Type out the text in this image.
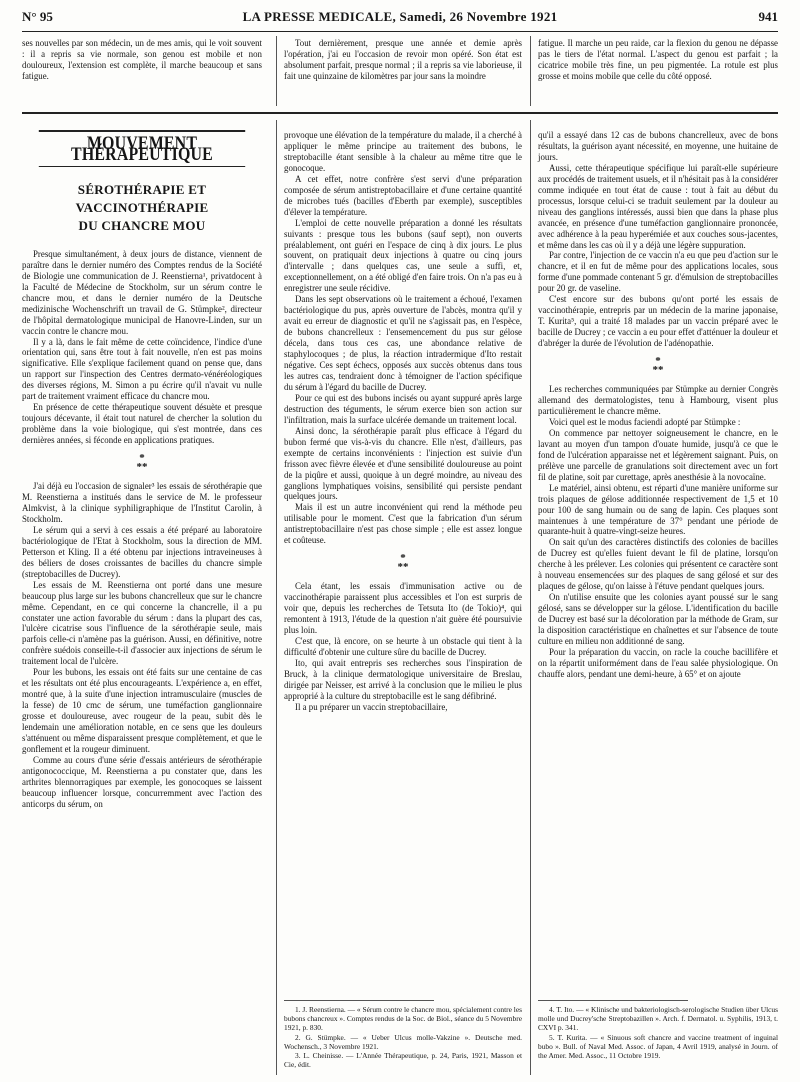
N° 95	LA PRESSE MEDICALE, Samedi, 26 Novembre 1921	941

ses nouvelles par son médecin, un de mes amis, qui le voit souvent : il a repris sa vie normale, son genou est mobile et non douloureux, l'extension est complète, il marche beaucoup et sans fatigue.

Tout dernièrement, presque une année et demie après l'opération, j'ai eu l'occasion de revoir mon opéré. Son état est absolument parfait, presque normal ; il a repris sa vie laborieuse, il fait une quinzaine de kilomètres par jour sans la moindre

fatigue. Il marche un peu raide, car la flexion du genou ne dépasse pas le tiers de l'état normal. L'aspect du genou est parfait ; la cicatrice mobile très fine, un peu pigmentée. La rotule est plus grosse et moins mobile que celle du côté opposé.

MOUVEMENT THÉRAPEUTIQUE
SÉROTHÉRAPIE ET VACCINOTHÉRAPIE
DU CHANCRE MOU

Presque simultanément, à deux jours de distance, viennent de paraître dans le dernier numéro des Comptes rendus de la Société de Biologie une communication de J. Reenstierna¹, privatdocent à la Faculté de Médecine de Stockholm, sur un sérum contre le chancre mou, et dans le dernier numéro de la Deutsche medizinische Wochenschrift un travail de G. Stümpke², directeur de l'hôpital dermatologique municipal de Hanovre-Linden, sur un vaccin contre le chancre mou.

Il y a là, dans le fait même de cette coïncidence, l'indice d'une orientation qui, sans être tout à fait nouvelle, n'en est pas moins significative. Elle s'explique facilement quand on pense que, dans un rapport sur l'inspection des Centres dermato-vénéréologiques des diverses régions, M. Simon a pu écrire qu'il n'avait vu nulle part de traitement vraiment efficace du chancre mou.

En présence de cette thérapeutique souvent désuète et presque toujours décevante, il était tout naturel de chercher la solution du problème dans la voie biologique, qui s'est montrée, dans ces dernières années, si féconde en applications pratiques.

*
**

J'ai déjà eu l'occasion de signaler³ les essais de sérothérapie que M. Reenstierna a institués dans le service de M. le professeur Almkvist, à la clinique syphiligraphique de l'Institut Carolin, à Stockholm.

Le sérum qui a servi à ces essais a été préparé au laboratoire bactériologique de l'Etat à Stockholm, sous la direction de MM. Petterson et Kling. Il a été obtenu par injections intraveineuses à des béliers de doses croissantes de bacilles du chancre simple (streptobacilles de Ducrey).

Les essais de M. Reenstierna ont porté dans une mesure beaucoup plus large sur les bubons chancrelleux que sur le chancre même. Cependant, en ce qui concerne la chancrelle, il a pu constater une action favorable du sérum : dans la plupart des cas, l'ulcère cicatrise sous l'influence de la sérothérapie seule, mais parfois celle-ci n'amène pas la guérison. Aussi, en définitive, notre confrère suédois conseille-t-il d'associer aux injections de sérum le traitement local de l'ulcère.

Pour les bubons, les essais ont été faits sur une centaine de cas et les résultats ont été plus encourageants. L'expérience a, en effet, montré que, à la suite d'une injection intramusculaire (muscles de la fesse) de 10 cmc de sérum, une tuméfaction ganglionnaire grosse et douloureuse, avec rougeur de la peau, subit dès le lendemain une amélioration notable, en ce sens que les douleurs s'atténuent ou même disparaissent presque complètement, et que le gonflement et la rougeur diminuent.

Comme au cours d'une série d'essais antérieurs de sérothérapie antigonococcique, M. Reenstierna a pu constater que, dans les arthrites blennorragiques par exemple, les gonocoques se laissent beaucoup influencer lorsque, concurremment avec l'action des anticorps du sérum, on

provoque une élévation de la température du malade, il a cherché à appliquer le même principe au traitement des bubons, le streptobacille étant sensible à la chaleur au même titre que le gonocoque.

A cet effet, notre confrère s'est servi d'une préparation composée de sérum antistreptobacillaire et d'une certaine quantité de microbes tués (bacilles d'Eberth par exemple), susceptibles d'élever la température.

L'emploi de cette nouvelle préparation a donné les résultats suivants : presque tous les bubons (sauf sept), non ouverts préalablement, ont guéri en l'espace de cinq à dix jours. Le plus souvent, on pratiquait deux injections à quatre ou cinq jours d'intervalle ; dans quelques cas, une seule a suffi, et, exceptionnellement, on a été obligé d'en faire trois. On n'a pas eu à enregistrer une seule récidive.

Dans les sept observations où le traitement a échoué, l'examen bactériologique du pus, après ouverture de l'abcès, montra qu'il y avait eu erreur de diagnostic et qu'il ne s'agissait pas, en l'espèce, de bubons chancrelleux : l'ensemencement du pus sur gélose décela, dans tous ces cas, une abondance relative de staphylocoques ; de plus, la réaction intradermique d'Ito restait négative. Ces sept échecs, opposés aux succès obtenus dans tous les autres cas, tendraient donc à témoigner de l'action spécifique du sérum à l'égard du bacille de Ducrey.

Pour ce qui est des bubons incisés ou ayant suppuré après large destruction des téguments, le sérum exerce bien son action sur l'infiltration, mais la surface ulcérée demande un traitement local.

Ainsi donc, la sérothérapie paraît plus efficace à l'égard du bubon fermé que vis-à-vis du chancre. Elle n'est, d'ailleurs, pas exempte de certains inconvénients : l'injection est suivie d'un frisson avec fièvre élevée et d'une sensibilité douloureuse au point de la piqûre et aussi, quoique à un degré moindre, au niveau des ganglions lymphatiques voisins, sensibilité qui persiste pendant quelques jours.

Mais il est un autre inconvénient qui rend la méthode peu utilisable pour le moment. C'est que la fabrication d'un sérum antistreptobacillaire n'est pas chose simple ; elle est assez longue et coûteuse.

*
**

Cela étant, les essais d'immunisation active ou de vaccinothérapie paraissent plus accessibles et l'on est surpris de voir que, depuis les recherches de Tetsuta Ito (de Tokio)⁴, qui remontent à 1913, l'étude de la question n'ait guère été poursuivie plus loin.

C'est que, là encore, on se heurte à un obstacle qui tient à la difficulté d'obtenir une culture sûre du bacille de Ducrey.

Ito, qui avait entrepris ses recherches sous l'inspiration de Bruck, à la clinique dermatologique universitaire de Breslau, dirigée par Neisser, est arrivé à la conclusion que le milieu le plus approprié à la culture du streptobacille est le sang défibriné.

Il a pu préparer un vaccin streptobacillaire,

qu'il a essayé dans 12 cas de bubons chancrelleux, avec de bons résultats, la guérison ayant nécessité, en moyenne, une huitaine de jours.

Aussi, cette thérapeutique spécifique lui paraît-elle supérieure aux procédés de traitement usuels, et il n'hésitait pas à la considérer comme indiquée en tout état de cause : tout à fait au début du processus, lorsque celui-ci se traduit seulement par la douleur au niveau des ganglions intéressés, aussi bien que dans la phase plus avancée, en présence d'une tuméfaction ganglionnaire prononcée, avec adhérence à la peau hyperémiée et aux couches sous-jacentes, et même dans les cas où il y a déjà une légère suppuration.

Par contre, l'injection de ce vaccin n'a eu que peu d'action sur le chancre, et il en fut de même pour des applications locales, sous forme d'une pommade contenant 5 gr. d'émulsion de streptobacilles pour 20 gr. de vaseline.

C'est encore sur des bubons qu'ont porté les essais de vaccinothérapie, entrepris par un médecin de la marine japonaise, T. Kurita⁵, qui a traité 18 malades par un vaccin préparé avec le bacille de Ducrey ; ce vaccin a eu pour effet d'atténuer la douleur et d'abréger la durée de l'évolution de l'adénopathie.

*
**

Les recherches communiquées par Stümpke au dernier Congrès allemand des dermatologistes, tenu à Hambourg, visent plus particulièrement le chancre même.

Voici quel est le modus faciendi adopté par Stümpke :

On commence par nettoyer soigneusement le chancre, en le lavant au moyen d'un tampon d'ouate humide, jusqu'à ce que le fond de l'ulcération apparaisse net et légèrement saignant. Puis, on prélève une parcelle de granulations soit directement avec un fort fil de platine, soit par curettage, après anesthésie à la novocaïne.

Le matériel, ainsi obtenu, est réparti d'une manière uniforme sur trois plaques de gélose additionnée respectivement de 1,5 et 10 pour 100 de sang humain ou de sang de lapin. Ces plaques sont maintenues à une température de 37° pendant une période de quarante-huit à quatre-vingt-seize heures.

On sait qu'un des caractères distinctifs des colonies de bacilles de Ducrey est qu'elles fuient devant le fil de platine, lorsqu'on cherche à les prélever. Les colonies qui présentent ce caractère sont à nouveau ensemencées sur des plaques de sang gélosé et sur des plaques de gélose, qu'on laisse à l'étuve pendant quelques jours.

On n'utilise ensuite que les colonies ayant poussé sur le sang gélosé, sans se développer sur la gélose. L'identification du bacille de Ducrey est basé sur la décoloration par la méthode de Gram, sur la disposition caractéristique en chaînettes et sur l'absence de toute culture en milieu non additionné de sang.

Pour la préparation du vaccin, on racle la couche bacillifère et on la répartit uniformément dans de l'eau salée physiologique. On chauffe alors, pendant une demi-heure, à 65° et on ajoute

1. J. Reenstierna. — « Sérum contre le chancre mou, spécialement contre les bubons chancreux ». Comptes rendus de la Soc. de Biol., séance du 5 Novembre 1921, p. 830.

2. G. Stümpke. — « Ueber Ulcus molle-Vakzine ». Deutsche med. Wochensch., 3 Novembre 1921.

3. L. Cheinisse. — L'Année Thérapeutique, p. 24, Paris, 1921, Masson et Cie, édit.

4. T. Ito. — « Klinische und bakteriologisch-serologische Studien über Ulcus molle und Ducrey'sche Streptobazillen ». Arch. f. Dermatol. u. Syphilis, 1913, t. CXVI p. 341.

5. T. Kurita. — « Sinuous soft chancre and vaccine treatment of inguinal bubo ». Bull. of Naval Med. Assoc. of Japan, 4 Avril 1919, analysé in Journ. of the Amer. Med. Assoc., 11 Octobre 1919.
